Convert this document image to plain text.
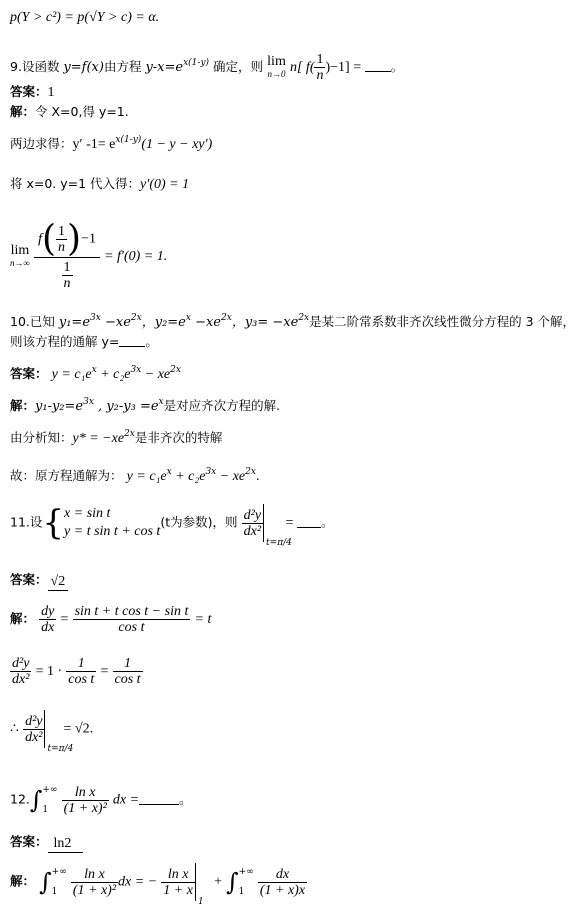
p(Y > c²) = p(√Y > c) = α.
9.设函数 y=f(x)由方程 $y-x=e^{x(1-y)}$ 确定，则 lim
n→0 n[ $f( \frac{1}{n} )-1$] = 。
答案：1
解：令 X=0,得 y=1.
两边求得：y′ $-1= e^{x(1-y)}(1 - y - xy')$
将 x=0. y=1 代入得：y′(0) = 1
lim
n→∞
$\frac{f( \frac{1}{n} )-1}{\frac{1}{n}} = f'(0) = 1$.
10.已知 $y_1=e^{3x} -xe^{2x}$，$y_2=e^x -xe^{2x}$，$y_3= -xe^{2x}$是某二阶常系数非齐次线性微分方程的 3 个解，
则该方程的通解 y= 。
答案： $y = c_1e^x + c_2e^{3x} - xe^{2x}$
解：$y_1-y_2=e^{3x}$ , $y_2-y_3 =e^x$是对应齐次方程的解.
由分析知：$y* = -xe^{2x}$是非齐次的特解
故：原方程通解为： $y = c_1e^x + c_2e^{3x} - xe^{2x}$.
11.设{ x = sin t
y = t sin t + cos t
(t为参数)，则 $\frac{\text{d²y}}{\text{dx²}}$
t=π/4
= 。
答案： √2
解： $\frac{dy}{dx} = \frac{\text{sin t + t cos t − sin t}}{\text{cos t}} = t$
$\frac{\text{d²y}}{\text{dx²}} = 1 \cdot \frac{1}{\text{cos t}} = \frac{1}{\text{cos t}}$
∴ $\frac{\text{d²y}}{\text{dx²}}$
t=π/4
= √2.
12.∫ +∞
1
$\frac{\text{ln x}}{\text{(1 + x)²}}$ dx =	。
答案： ln2
解： ∫ +∞
1
$\frac{\text{ln x}}{\text{(1 + x)²}}$ dx = − $\frac{\text{ln x}}{1 + x}$
1
+ ∫ +∞
1
$\frac{dx}{(1 + x)x}$
